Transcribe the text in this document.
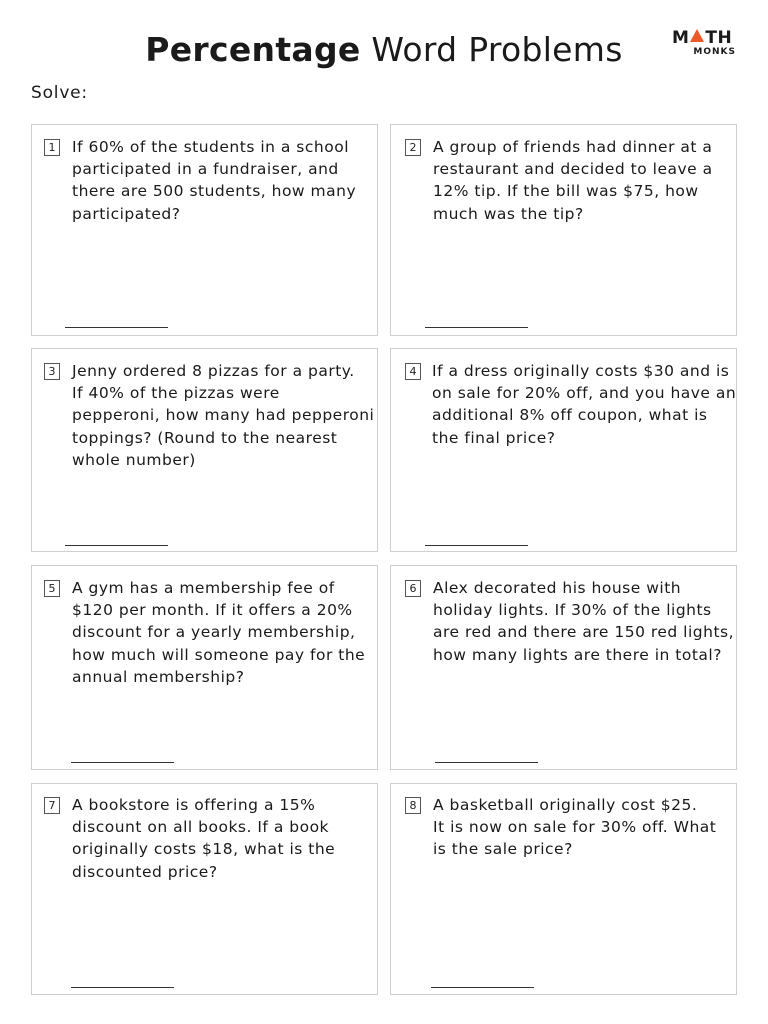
Percentage Word Problems	M TH
MONKS
Solve:
1 If 60% of the students in a school
participated in a fundraiser, and
there are 500 students, how many
participated?
2 A group of friends had dinner at a
restaurant and decided to leave a
12% tip. If the bill was $75, how
much was the tip?
3 Jenny ordered 8 pizzas for a party.
If 40% of the pizzas were
pepperoni, how many had pepperoni
toppings? (Round to the nearest
whole number)
4 If a dress originally costs $30 and is
on sale for 20% off, and you have an
additional 8% off coupon, what is
the final price?
5 A gym has a membership fee of
$120 per month. If it offers a 20%
discount for a yearly membership,
how much will someone pay for the
annual membership?
6 Alex decorated his house with
holiday lights. If 30% of the lights
are red and there are 150 red lights,
how many lights are there in total?
7 A bookstore is offering a 15%
discount on all books. If a book
originally costs $18, what is the
discounted price?
8 A basketball originally cost $25.
It is now on sale for 30% off. What
is the sale price?
